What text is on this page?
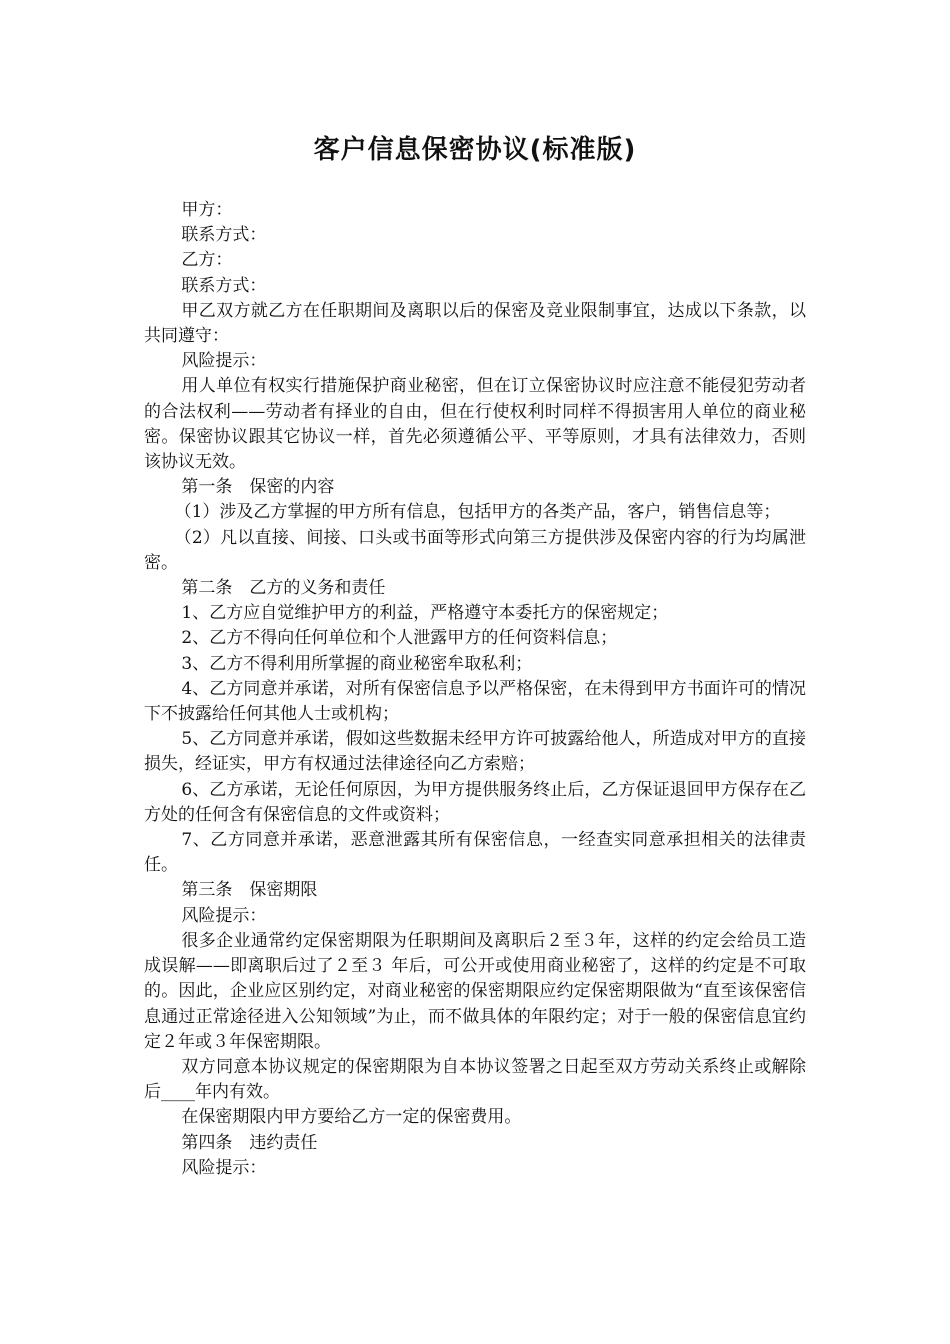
客户信息保密协议(标准版)

甲方：

联系方式：

乙方：

联系方式：

甲乙双方就乙方在任职期间及离职以后的保密及竞业限制事宜，达成以下条款，以共同遵守：

风险提示：

用人单位有权实行措施保护商业秘密，但在订立保密协议时应注意不能侵犯劳动者的合法权利——劳动者有择业的自由，但在行使权利时同样不得损害用人单位的商业秘密。保密协议跟其它协议一样，首先必须遵循公平、平等原则，才具有法律效力，否则该协议无效。

第一条　保密的内容

（1）涉及乙方掌握的甲方所有信息，包括甲方的各类产品，客户，销售信息等；

（2）凡以直接、间接、口头或书面等形式向第三方提供涉及保密内容的行为均属泄密。

第二条　乙方的义务和责任

1、乙方应自觉维护甲方的利益，严格遵守本委托方的保密规定；

2、乙方不得向任何单位和个人泄露甲方的任何资料信息；

3、乙方不得利用所掌握的商业秘密牟取私利；

4、乙方同意并承诺，对所有保密信息予以严格保密，在未得到甲方书面许可的情况下不披露给任何其他人士或机构；

5、乙方同意并承诺，假如这些数据未经甲方许可披露给他人，所造成对甲方的直接损失，经证实，甲方有权通过法律途径向乙方索赔；

6、乙方承诺，无论任何原因，为甲方提供服务终止后，乙方保证退回甲方保存在乙方处的任何含有保密信息的文件或资料；

7、乙方同意并承诺，恶意泄露其所有保密信息，一经查实同意承担相关的法律责任。

第三条　保密期限

风险提示：

很多企业通常约定保密期限为任职期间及离职后２至３年，这样的约定会给员工造成误解——即离职后过了２至３ 年后，可公开或使用商业秘密了，这样的约定是不可取的。因此，企业应区别约定，对商业秘密的保密期限应约定保密期限做为“直至该保密信息通过正常途径进入公知领域”为止，而不做具体的年限约定；对于一般的保密信息宜约定２年或３年保密期限。

双方同意本协议规定的保密期限为自本协议签署之日起至双方劳动关系终止或解除后____年内有效。

在保密期限内甲方要给乙方一定的保密费用。

第四条　违约责任

风险提示：
